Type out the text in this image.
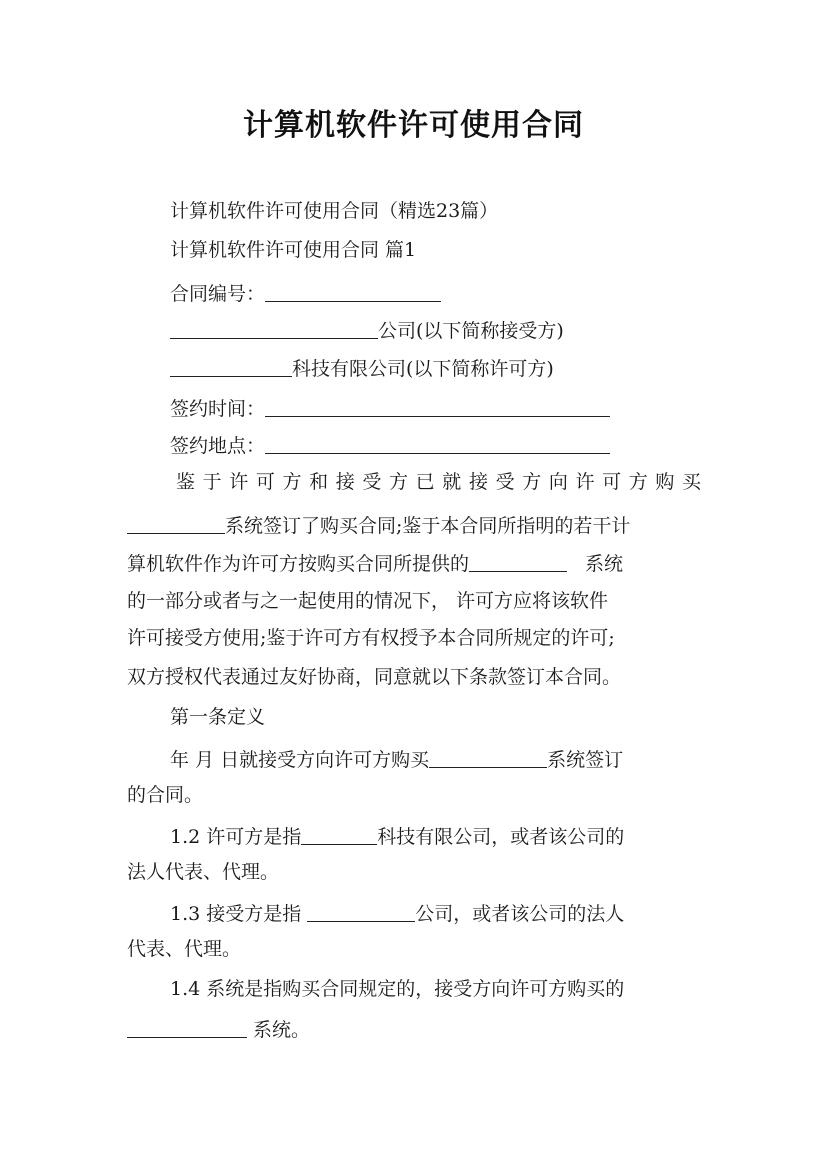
计算机软件许可使用合同
计算机软件许可使用合同（精选23篇）
计算机软件许可使用合同 篇1
合同编号：
公司(以下简称接受方)
科技有限公司(以下简称许可方)
签约时间：
签约地点：
鉴于许可方和接受方已就接受方向许可方购买
系统签订了购买合同;鉴于本合同所指明的若干计
算机软件作为许可方按购买合同所提供的	系统
的一部分或者与之一起使用的情况下， 许可方应将该软件
许可接受方使用;鉴于许可方有权授予本合同所规定的许可;
双方授权代表通过友好协商，同意就以下条款签订本合同。
第一条定义
年 月 日就接受方向许可方购买	系统签订
的合同。
1.2 许可方是指	科技有限公司，或者该公司的
法人代表、代理。
1.3 接受方是指	公司，或者该公司的法人
代表、代理。
1.4 系统是指购买合同规定的，接受方向许可方购买的
系统。
